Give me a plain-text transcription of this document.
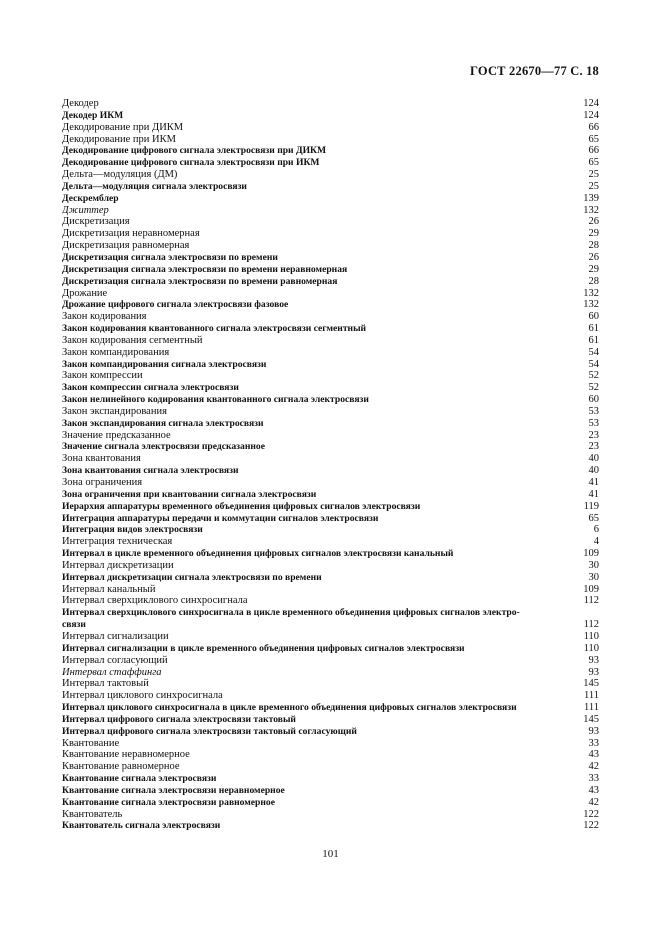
ГОСТ 22670—77 С. 18
Декодер	124
Декодер ИКМ	124
Декодирование при ДИКМ	66
Декодирование при ИКМ	65
Декодирование цифрового сигнала электросвязи при ДИКМ	66
Декодирование цифрового сигнала электросвязи при ИКМ	65
Дельта—модуляция (ДМ)	25
Дельта—модуляция сигнала электросвязи	25
Дескремблер	139
Джиттер	132
Дискретизация	26
Дискретизация неравномерная	29
Дискретизация равномерная	28
Дискретизация сигнала электросвязи по времени	26
Дискретизация сигнала электросвязи по времени неравномерная	29
Дискретизация сигнала электросвязи по времени равномерная	28
Дрожание	132
Дрожание цифрового сигнала электросвязи фазовое	132
Закон кодирования	60
Закон кодирования квантованного сигнала электросвязи сегментный	61
Закон кодирования сегментный	61
Закон компандирования	54
Закон компандирования сигнала электросвязи	54
Закон компрессии	52
Закон компрессии сигнала электросвязи	52
Закон нелинейного кодирования квантованного сигнала электросвязи	60
Закон экспандирования	53
Закон экспандирования сигнала электросвязи	53
Значение предсказанное	23
Значение сигнала электросвязи предсказанное	23
Зона квантования	40
Зона квантования сигнала электросвязи	40
Зона ограничения	41
Зона ограничения при квантовании сигнала электросвязи	41
Иерархия аппаратуры временного объединения цифровых сигналов электросвязи	119
Интеграция аппаратуры передачи и коммутации сигналов электросвязи	65
Интеграция видов электросвязи	6
Интеграция техническая	4
Интервал в цикле временного объединения цифровых сигналов электросвязи канальный	109
Интервал дискретизации	30
Интервал дискретизации сигнала электросвязи по времени	30
Интервал канальный	109
Интервал сверхциклового синхросигнала	112
Интервал сверхциклового синхросигнала в цикле временного объединения цифровых сигналов электро- связи	112
Интервал сигнализации	110
Интервал сигнализации в цикле временного объединения цифровых сигналов электросвязи	110
Интервал согласующий	93
Интервал стаффинга	93
Интервал тактовый	145
Интервал циклового синхросигнала	111
Интервал циклового синхросигнала в цикле временного объединения цифровых сигналов электросвязи	111
Интервал цифрового сигнала электросвязи тактовый	145
Интервал цифрового сигнала электросвязи тактовый согласующий	93
Квантование	33
Квантование неравномерное	43
Квантование равномерное	42
Квантование сигнала электросвязи	33
Квантование сигнала электросвязи неравномерное	43
Квантование сигнала электросвязи равномерное	42
Квантователь	122
Квантователь сигнала электросвязи	122
101
